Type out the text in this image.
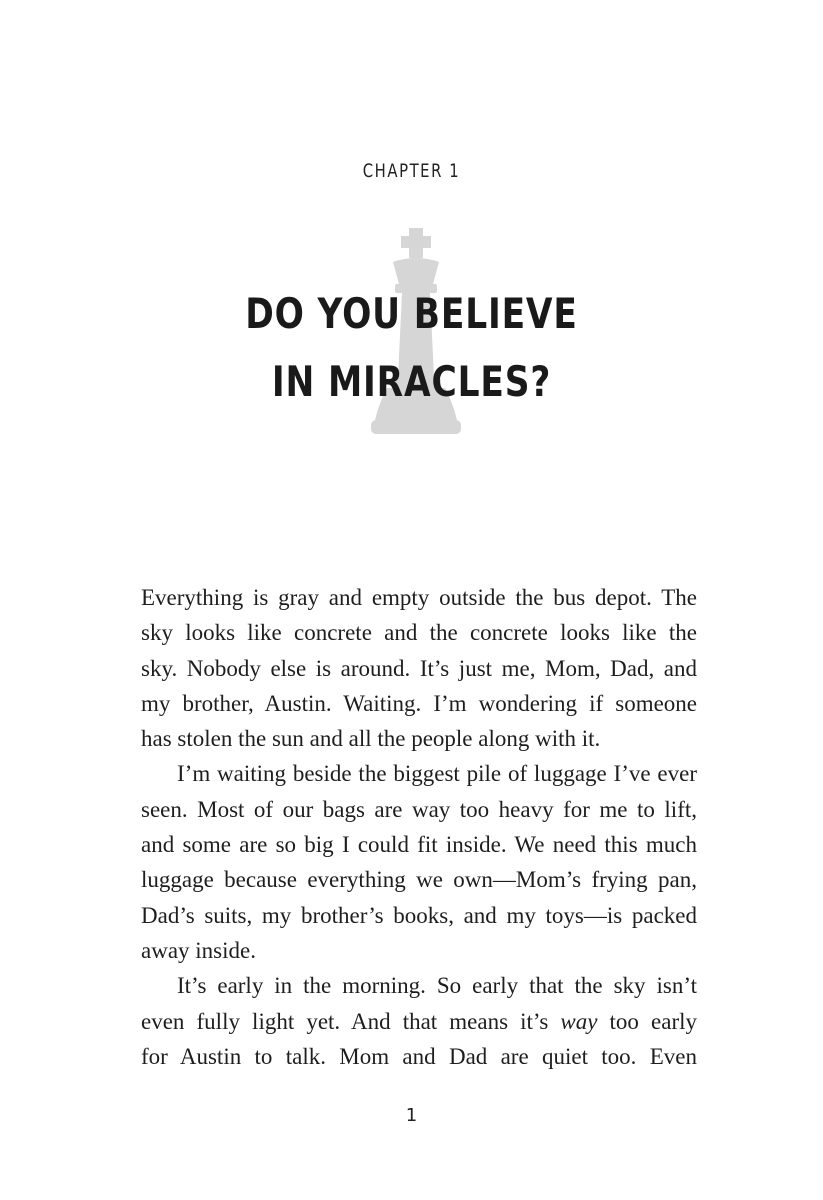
CHAPTER 1
DO YOU BELIEVE
IN MIRACLES?

Everything is gray and empty outside the bus depot. The
sky looks like concrete and the concrete looks like the
sky. Nobody else is around. It’s just me, Mom, Dad, and
my brother, Austin. Waiting. I’m wondering if someone
has stolen the sun and all the people along with it.

I’m waiting beside the biggest pile of luggage I’ve ever
seen. Most of our bags are way too heavy for me to lift,
and some are so big I could fit inside. We need this much
luggage because everything we own—Mom’s frying pan,
Dad’s suits, my brother’s books, and my toys—is packed
away inside.

It’s early in the morning. So early that the sky isn’t
even fully light yet. And that means it’s way too early
for Austin to talk. Mom and Dad are quiet too. Even

1
